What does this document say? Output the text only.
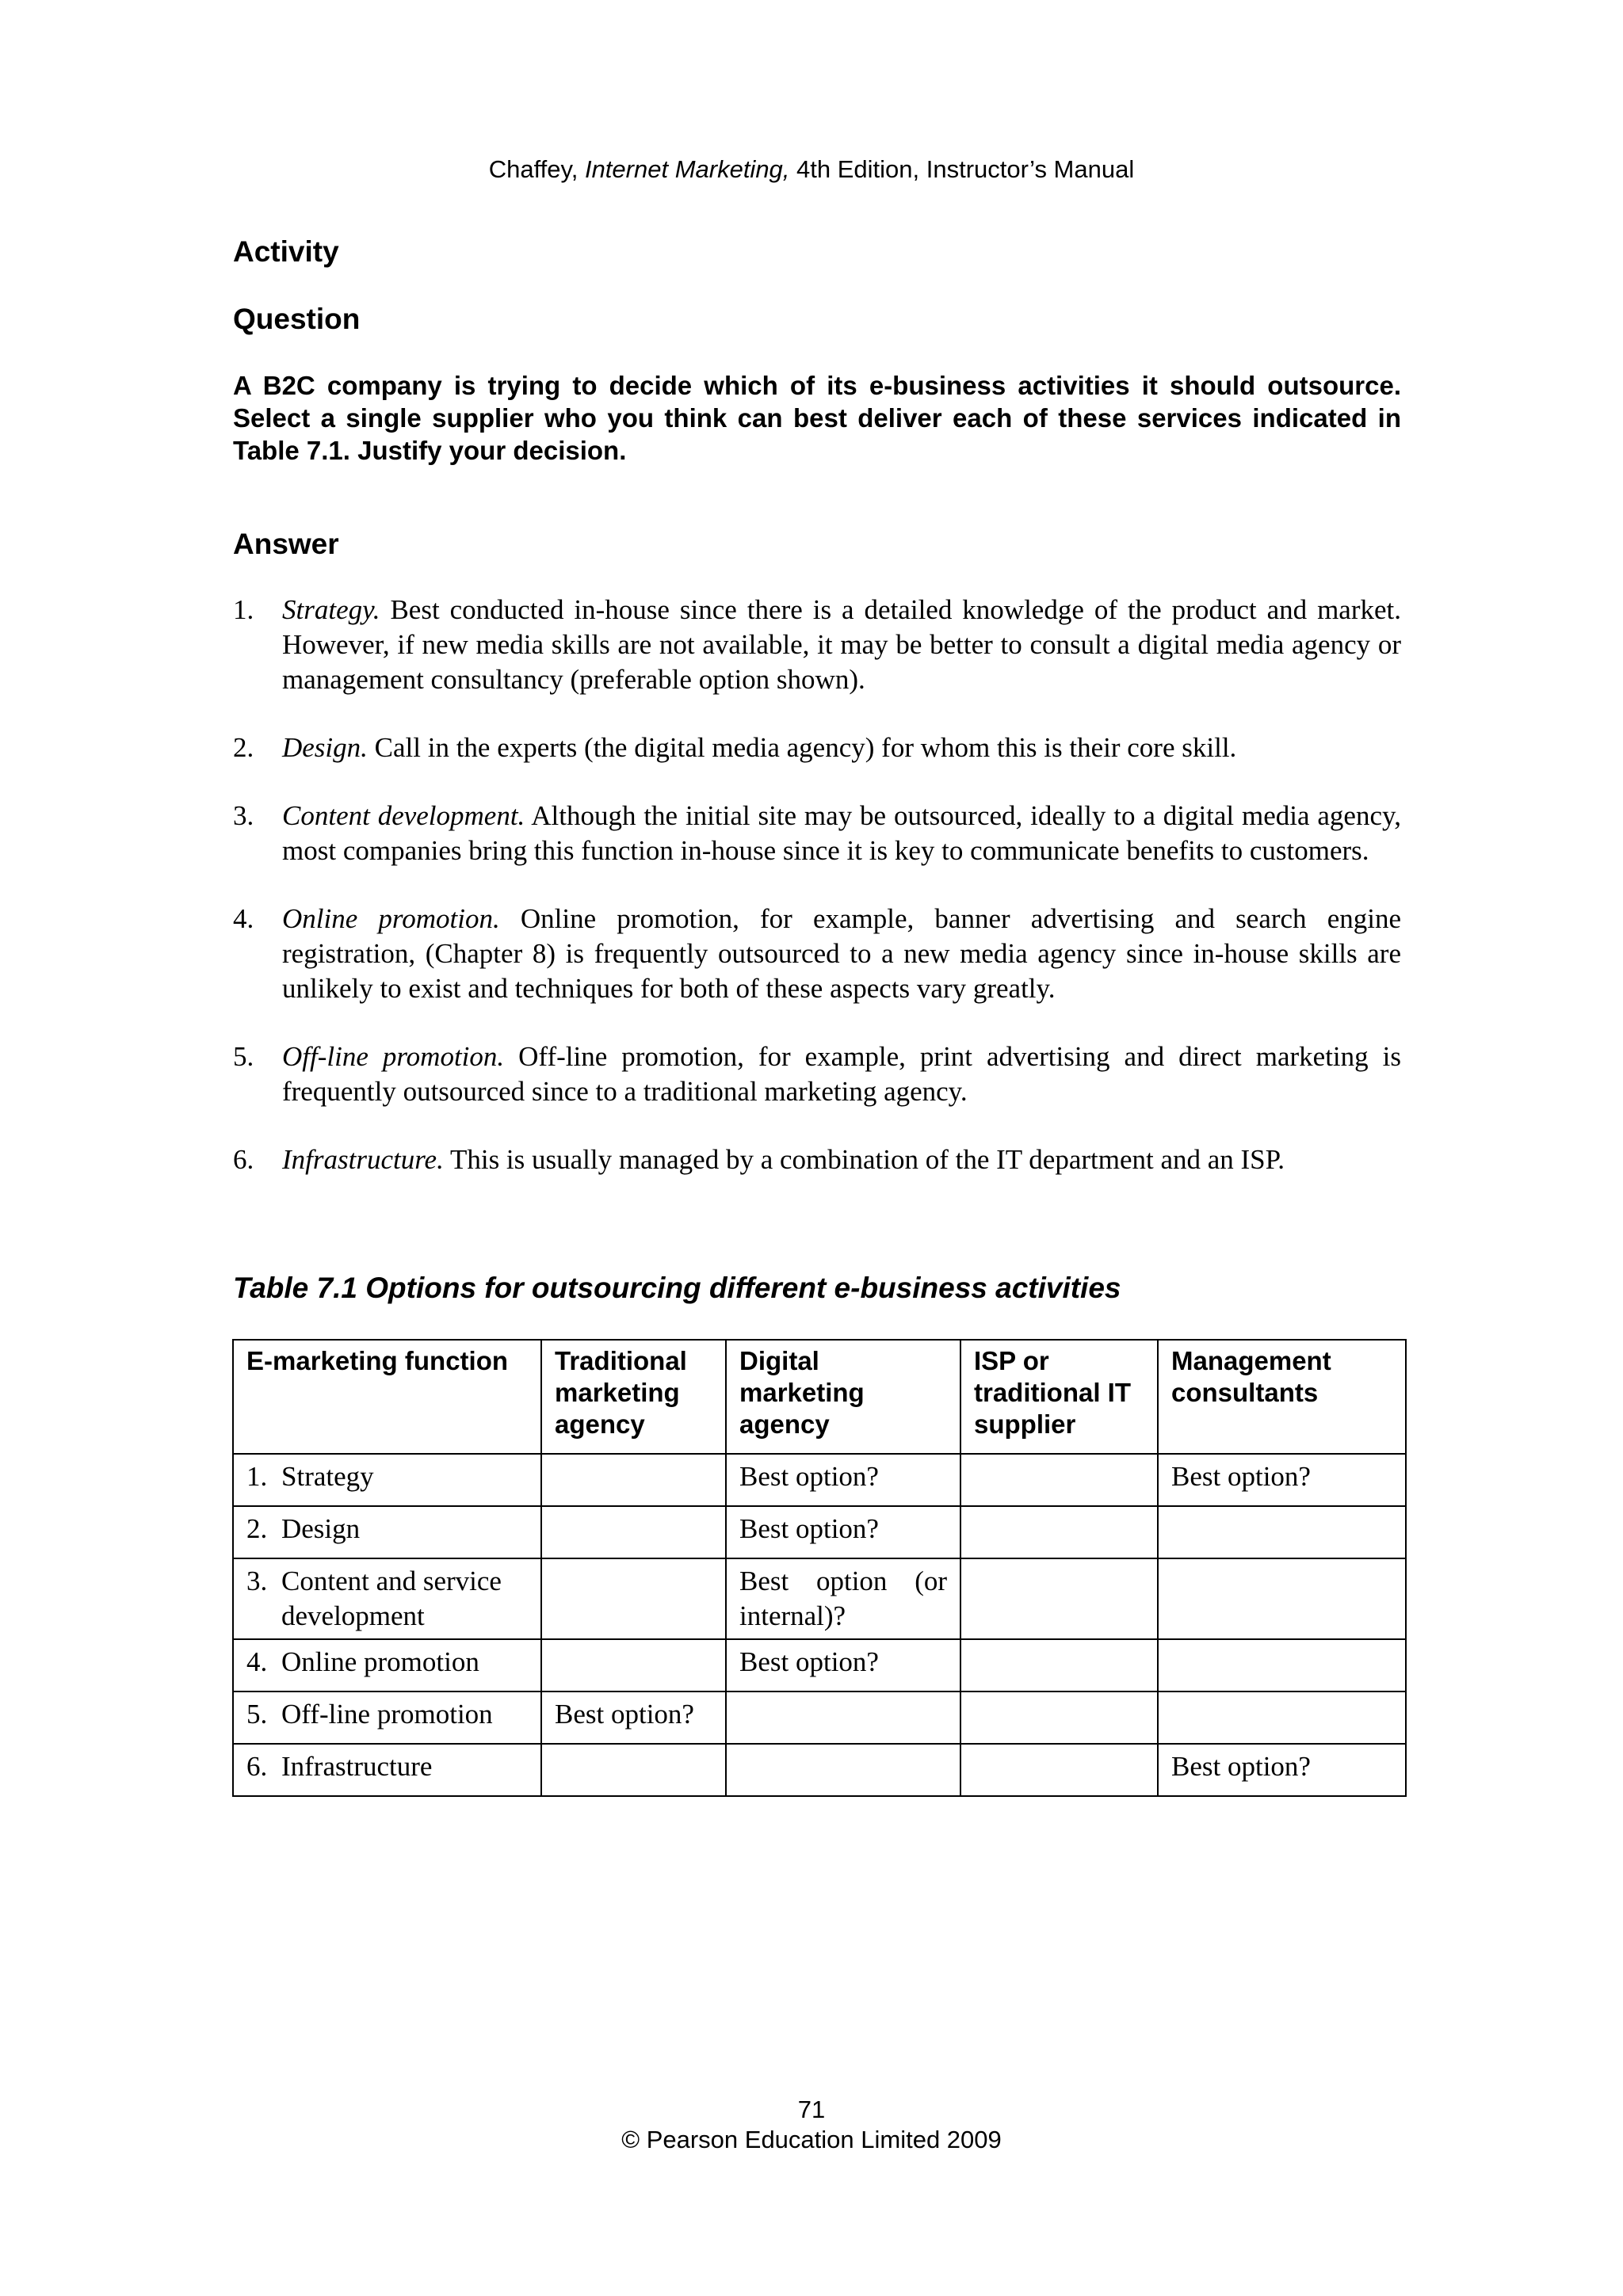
Chaffey, Internet Marketing, 4th Edition, Instructor’s Manual
Activity
Question

A B2C company is trying to decide which of its e-business activities it should outsource. Select a single supplier who you think can best deliver each of these services indicated in Table 7.1. Justify your decision.

Answer
1.	Strategy. Best conducted in-house since there is a detailed knowledge of the product and market. However, if new media skills are not available, it may be better to consult a digital media agency or management consultancy (preferable option shown).
2.	Design. Call in the experts (the digital media agency) for whom this is their core skill.
3.	Content development. Although the initial site may be outsourced, ideally to a digital media agency, most companies bring this function in-house since it is key to communicate benefits to customers.
4.	Online promotion. Online promotion, for example, banner advertising and search engine registration, (Chapter 8) is frequently outsourced to a new media agency since in-house skills are unlikely to exist and techniques for both of these aspects vary greatly.
5.	Off-line promotion. Off-line promotion, for example, print advertising and direct marketing is frequently outsourced since to a traditional marketing agency.
6.	Infrastructure. This is usually managed by a combination of the IT department and an ISP.
Table 7.1 Options for outsourcing different e-business activities
E-marketing function	Traditional marketing agency	Digital marketing agency	ISP or traditional IT supplier	Management consultants

1. Strategy		Best option?		Best option?

2. Design		Best option?		

3. Content and service development		Best option (or internal)?		

4. Online promotion		Best option?		

5. Off-line promotion	Best option?			

6. Infrastructure				Best option?
71
© Pearson Education Limited 2009
